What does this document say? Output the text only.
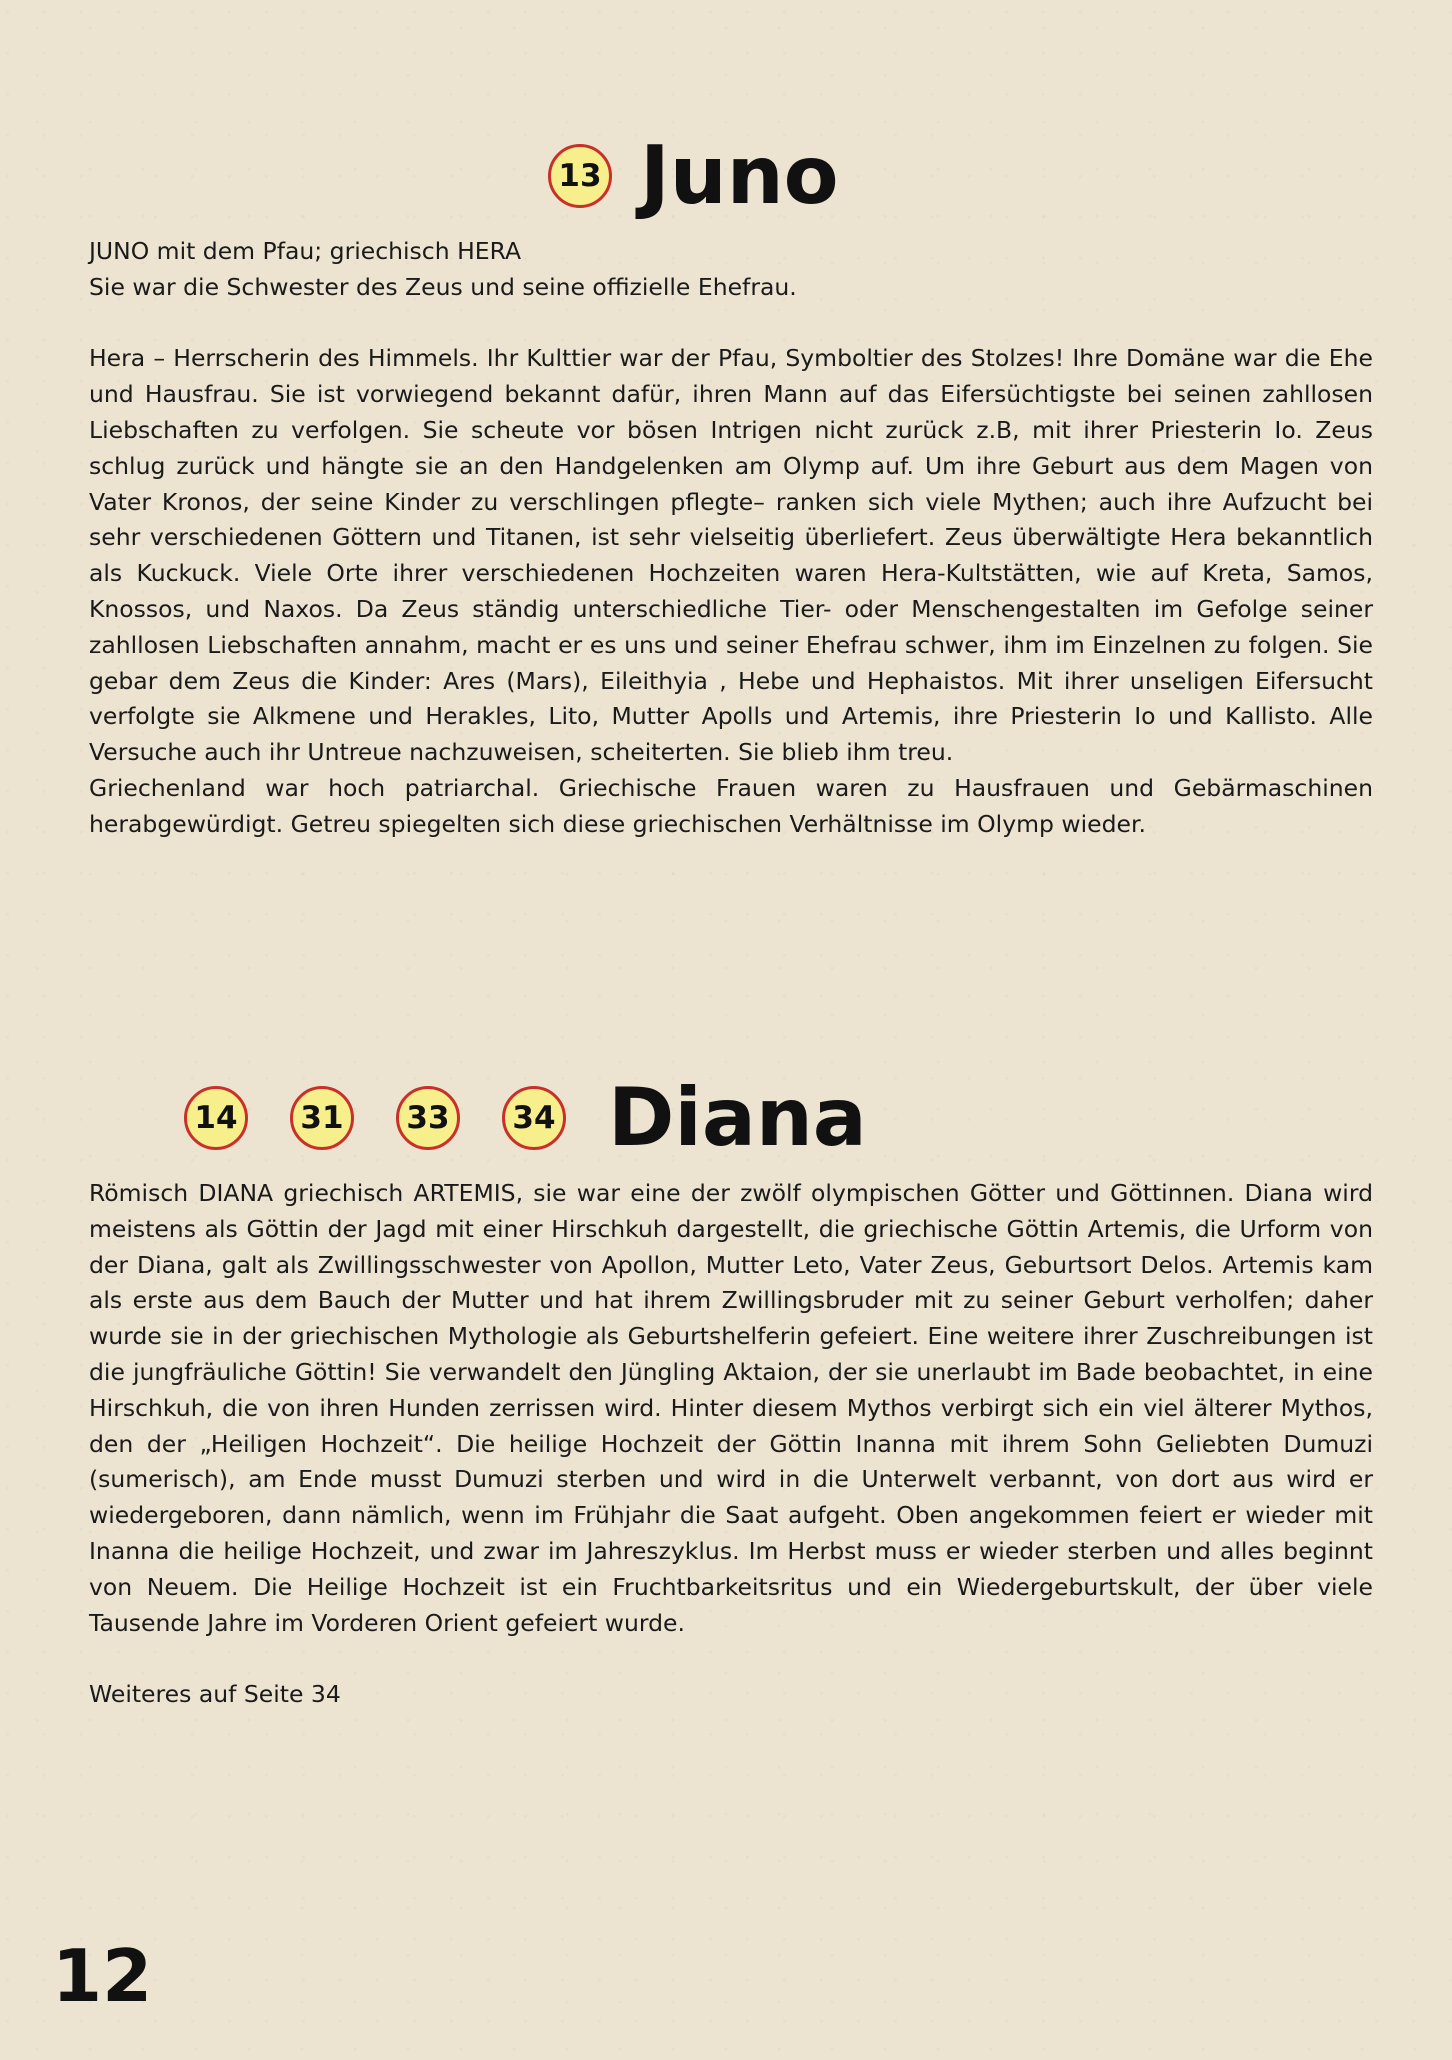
13 Juno

JUNO mit dem Pfau; griechisch HERA

Sie war die Schwester des Zeus und seine offizielle Ehefrau.

Hera – Herrscherin des Himmels. Ihr Kulttier war der Pfau, Symboltier des Stolzes! Ihre Domäne war die Ehe und Hausfrau. Sie ist vorwiegend bekannt dafür, ihren Mann auf das Eifersüchtigste bei seinen zahllosen Liebschaften zu verfolgen. Sie scheute vor bösen Intrigen nicht zurück z.B, mit ihrer Priesterin Io. Zeus schlug zurück und hängte sie an den Handgelenken am Olymp auf. Um ihre Geburt aus dem Magen von Vater Kronos, der seine Kinder zu verschlingen pflegte– ranken sich viele Mythen; auch ihre Aufzucht bei sehr verschiedenen Göttern und Titanen, ist sehr vielseitig überliefert. Zeus überwältigte Hera bekanntlich als Kuckuck. Viele Orte ihrer verschiedenen Hochzeiten waren Hera-Kultstätten, wie auf Kreta, Samos, Knossos, und Naxos. Da Zeus ständig unterschiedliche Tier- oder Menschengestalten im Gefolge seiner zahllosen Liebschaften annahm, macht er es uns und seiner Ehefrau schwer, ihm im Einzelnen zu folgen. Sie gebar dem Zeus die Kinder: Ares (Mars), Eileithyia , Hebe und Hephaistos. Mit ihrer unseligen Eifersucht verfolgte sie Alkmene und Herakles, Lito, Mutter Apolls und Artemis, ihre Priesterin Io und Kallisto. Alle Versuche auch ihr Untreue nachzuweisen, scheiterten. Sie blieb ihm treu.

Griechenland war hoch patriarchal. Griechische Frauen waren zu Hausfrauen und Gebärmaschinen herabgewürdigt. Getreu spiegelten sich diese griechischen Verhältnisse im Olymp wieder.

14	31	33	34 Diana

Römisch DIANA griechisch ARTEMIS, sie war eine der zwölf olympischen Götter und Göttinnen. Diana wird meistens als Göttin der Jagd mit einer Hirschkuh dargestellt, die griechische Göttin Artemis, die Urform von der Diana, galt als Zwillingsschwester von Apollon, Mutter Leto, Vater Zeus, Geburtsort Delos. Artemis kam als erste aus dem Bauch der Mutter und hat ihrem Zwillingsbruder mit zu seiner Geburt verholfen; daher wurde sie in der griechischen Mythologie als Geburtshelferin gefeiert. Eine weitere ihrer Zuschreibungen ist die jungfräuliche Göttin! Sie verwandelt den Jüngling Aktaion, der sie unerlaubt im Bade beobachtet, in eine Hirschkuh, die von ihren Hunden zerrissen wird. Hinter diesem Mythos verbirgt sich ein viel älterer Mythos, den der „Heiligen Hochzeit“. Die heilige Hochzeit der Göttin Inanna mit ihrem Sohn Geliebten Dumuzi (sumerisch), am Ende musst Dumuzi sterben und wird in die Unterwelt verbannt, von dort aus wird er wiedergeboren, dann nämlich, wenn im Frühjahr die Saat aufgeht. Oben angekommen feiert er wieder mit Inanna die heilige Hochzeit, und zwar im Jahreszyklus. Im Herbst muss er wieder sterben und alles beginnt von Neuem. Die Heilige Hochzeit ist ein Fruchtbarkeitsritus und ein Wiedergeburtskult, der über viele Tausende Jahre im Vorderen Orient gefeiert wurde.

Weiteres auf Seite 34

12
